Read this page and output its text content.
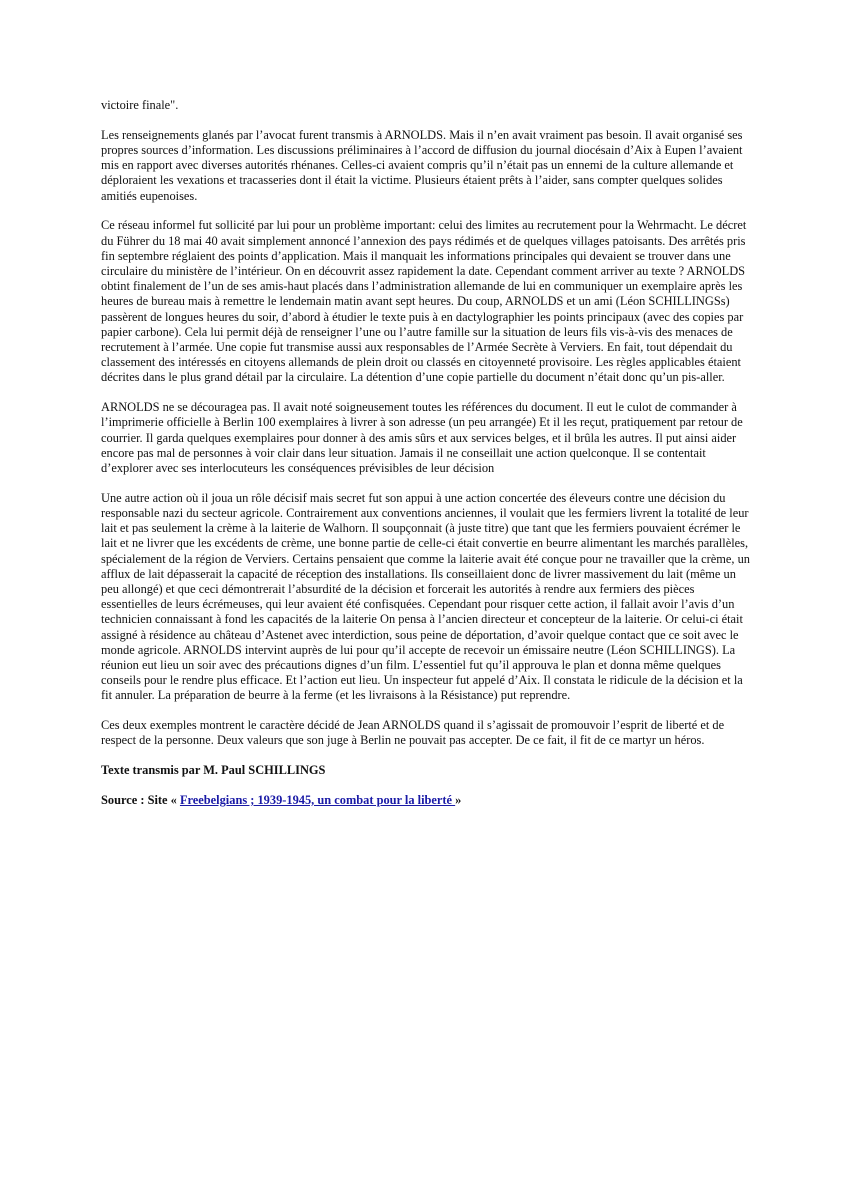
victoire finale".

Les renseignements glanés par l’avocat furent transmis à ARNOLDS. Mais il n’en avait vraiment pas besoin. Il avait organisé ses propres sources d’information. Les discussions préliminaires à l’accord de diffusion du journal diocésain d’Aix à Eupen l’avaient mis en rapport avec diverses autorités rhénanes. Celles-ci avaient compris qu’il n’était pas un ennemi de la culture allemande et déploraient les vexations et tracasseries dont il était la victime. Plusieurs étaient prêts à l’aider, sans compter quelques solides amitiés eupenoises.

Ce réseau informel fut sollicité par lui pour un problème important: celui des limites au recrutement pour la Wehrmacht. Le décret du Führer du 18 mai 40 avait simplement annoncé l’annexion des pays rédimés et de quelques villages patoisants. Des arrêtés pris fin septembre réglaient des points d’application. Mais il manquait les informations principales qui devaient se trouver dans une circulaire du ministère de l’intérieur. On en découvrit assez rapidement la date. Cependant comment arriver au texte ? ARNOLDS obtint finalement de l’un de ses amis-haut placés dans l’administration allemande de lui en communiquer un exemplaire après les heures de bureau mais à remettre le lendemain matin avant sept heures. Du coup, ARNOLDS et un ami (Léon SCHILLINGSs) passèrent de longues heures du soir, d’abord à étudier le texte puis à en dactylographier les points principaux (avec des copies par papier carbone). Cela lui permit déjà de renseigner l’une ou l’autre famille sur la situation de leurs fils vis-à-vis des menaces de recrutement à l’armée. Une copie fut transmise aussi aux responsables de l’Armée Secrète à Verviers. En fait, tout dépendait du classement des intéressés en citoyens allemands de plein droit ou classés en citoyenneté provisoire. Les règles applicables étaient décrites dans le plus grand détail par la circulaire. La détention d’une copie partielle du document n’était donc qu’un pis-aller.

ARNOLDS ne se découragea pas. Il avait noté soigneusement toutes les références du document. Il eut le culot de commander à l’imprimerie officielle à Berlin 100 exemplaires à livrer à son adresse (un peu arrangée) Et il les reçut, pratiquement par retour de courrier. Il garda quelques exemplaires pour donner à des amis sûrs et aux services belges, et il brûla les autres. Il put ainsi aider encore pas mal de personnes à voir clair dans leur situation. Jamais il ne conseillait une action quelconque. Il se contentait d’explorer avec ses interlocuteurs les conséquences prévisibles de leur décision

Une autre action où il joua un rôle décisif mais secret fut son appui à une action concertée des éleveurs contre une décision du responsable nazi du secteur agricole. Contrairement aux conventions anciennes, il voulait que les fermiers livrent la totalité de leur lait et pas seulement la crème à la laiterie de Walhorn. Il soupçonnait (à juste titre) que tant que les fermiers pouvaient écrémer le lait et ne livrer que les excédents de crème, une bonne partie de celle-ci était convertie en beurre alimentant les marchés parallèles, spécialement de la région de Verviers. Certains pensaient que comme la laiterie avait été conçue pour ne travailler que la crème, un afflux de lait dépasserait la capacité de réception des installations. Ils conseillaient donc de livrer massivement du lait (même un peu allongé) et que ceci démontrerait l’absurdité de la décision et forcerait les autorités à rendre aux fermiers des pièces essentielles de leurs écrémeuses, qui leur avaient été confisquées. Cependant pour risquer cette action, il fallait avoir l’avis d’un technicien connaissant à fond les capacités de la laiterie On pensa à l’ancien directeur et concepteur de la laiterie. Or celui-ci était assigné à résidence au château d’Astenet avec interdiction, sous peine de déportation, d’avoir quelque contact que ce soit avec le monde agricole. ARNOLDS intervint auprès de lui pour qu’il accepte de recevoir un émissaire neutre (Léon SCHILLINGS). La réunion eut lieu un soir avec des précautions dignes d’un film. L’essentiel fut qu’il approuva le plan et donna même quelques conseils pour le rendre plus efficace. Et l’action eut lieu. Un inspecteur fut appelé d’Aix. Il constata le ridicule de la décision et la fit annuler. La préparation de beurre à la ferme (et les livraisons à la Résistance) put reprendre.

Ces deux exemples montrent le caractère décidé de Jean ARNOLDS quand il s’agissait de promouvoir l’esprit de liberté et de respect de la personne. Deux valeurs que son juge à Berlin ne pouvait pas accepter. De ce fait, il fit de ce martyr un héros.

Texte transmis par M. Paul SCHILLINGS

Source : Site « Freebelgians ; 1939-1945, un combat pour la liberté »
